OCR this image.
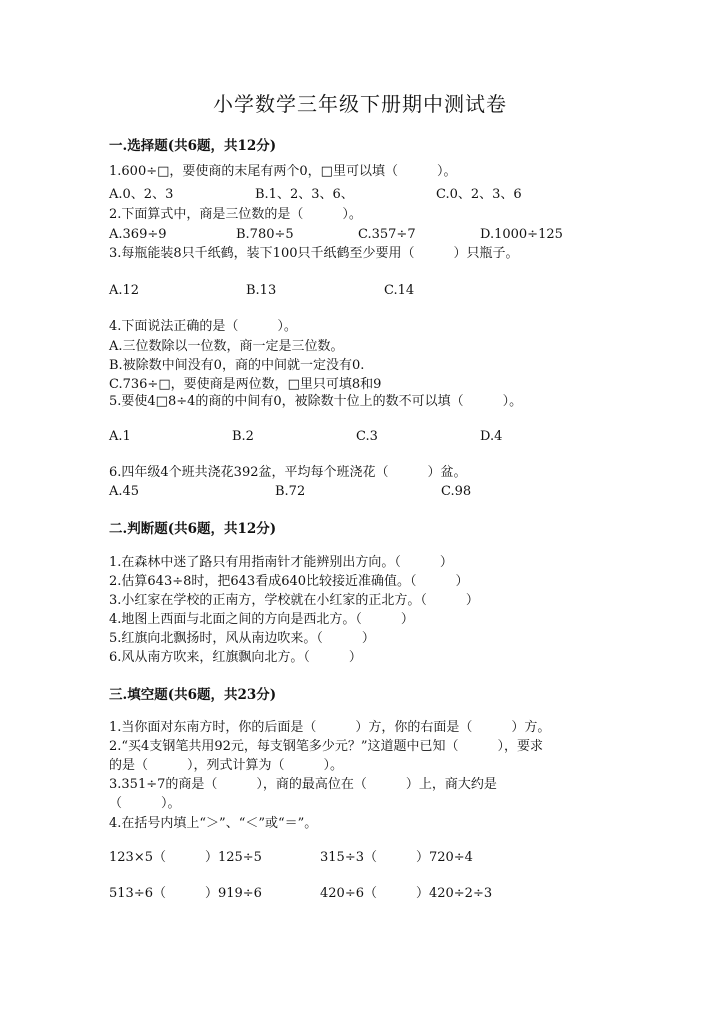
小学数学三年级下册期中测试卷
一.选择题(共6题，共12分)
1.600÷□，要使商的末尾有两个0，□里可以填（　　　）。
A.0、2、3	B.1、2、3、6、	C.0、2、3、6
2.下面算式中，商是三位数的是（　　　）。
A.369÷9	B.780÷5	C.357÷7	D.1000÷125
3.每瓶能装8只千纸鹤，装下100只千纸鹤至少要用（　　　）只瓶子。
A.12	B.13	C.14
4.下面说法正确的是（　　　）。
A.三位数除以一位数，商一定是三位数。
B.被除数中间没有0，商的中间就一定没有0.
C.736÷□，要使商是两位数，□里只可填8和9
5.要使4□8÷4的商的中间有0，被除数十位上的数不可以填（　　　）。
A.1	B.2	C.3	D.4
6.四年级4个班共浇花392盆，平均每个班浇花（　　　）盆。
A.45	B.72	C.98
二.判断题(共6题，共12分)
1.在森林中迷了路只有用指南针才能辨别出方向。（　　　）
2.估算643÷8时，把643看成640比较接近准确值。（　　　）
3.小红家在学校的正南方，学校就在小红家的正北方。（　　　）
4.地图上西面与北面之间的方向是西北方。（　　　）
5.红旗向北飘扬时，风从南边吹来。（　　　）
6.风从南方吹来，红旗飘向北方。（　　　）
三.填空题(共6题，共23分)
1.当你面对东南方时，你的后面是（　　　）方，你的右面是（　　　）方。
2.“买4支钢笔共用92元，每支钢笔多少元？”这道题中已知（　　　），要求
的是（　　　），列式计算为（　　　）。
3.351÷7的商是（　　　），商的最高位在（　　　）上，商大约是
（　　　）。
4.在括号内填上“＞”、“＜”或“＝”。
123×5（　　　）125÷5	315÷3（　　　）720÷4
513÷6（　　　）919÷6	420÷6（　　　）420÷2÷3
